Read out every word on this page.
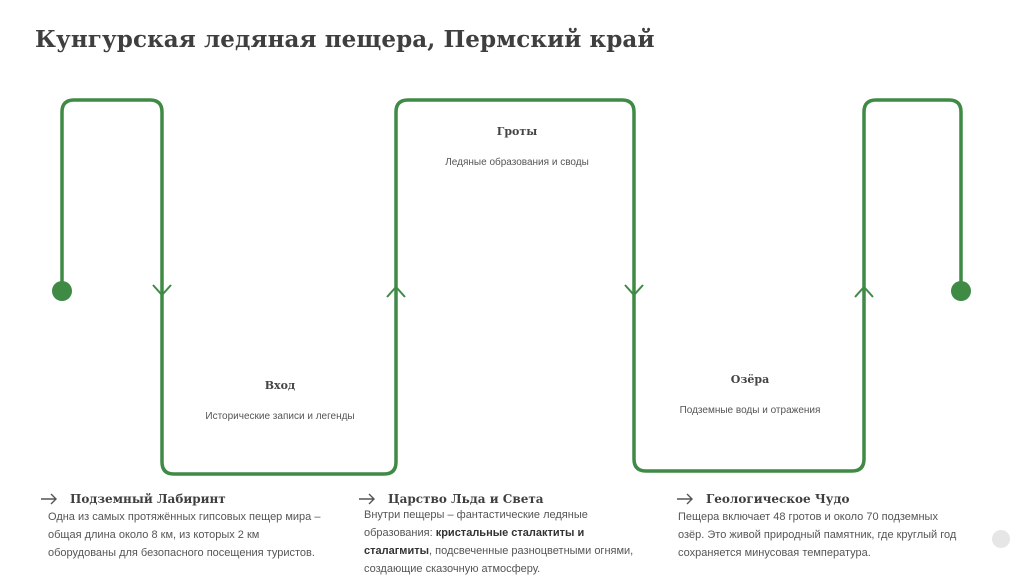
Кунгурская ледяная пещера, Пермский край
Вход
Исторические записи и легенды
Гроты
Ледяные образования и своды
Озёра
Подземные воды и отражения
Подземный Лабиринт
Одна из самых протяжённых гипсовых пещер мира – общая длина около 8 км, из которых 2 км оборудованы для безопасного посещения туристов.
Царство Льда и Света
Внутри пещеры – фантастические ледяные образования: кристальные сталактиты и сталагмиты, подсвеченные разноцветными огнями, создающие сказочную атмосферу.
Геологическое Чудо
Пещера включает 48 гротов и около 70 подземных озёр. Это живой природный памятник, где круглый год сохраняется минусовая температура.
